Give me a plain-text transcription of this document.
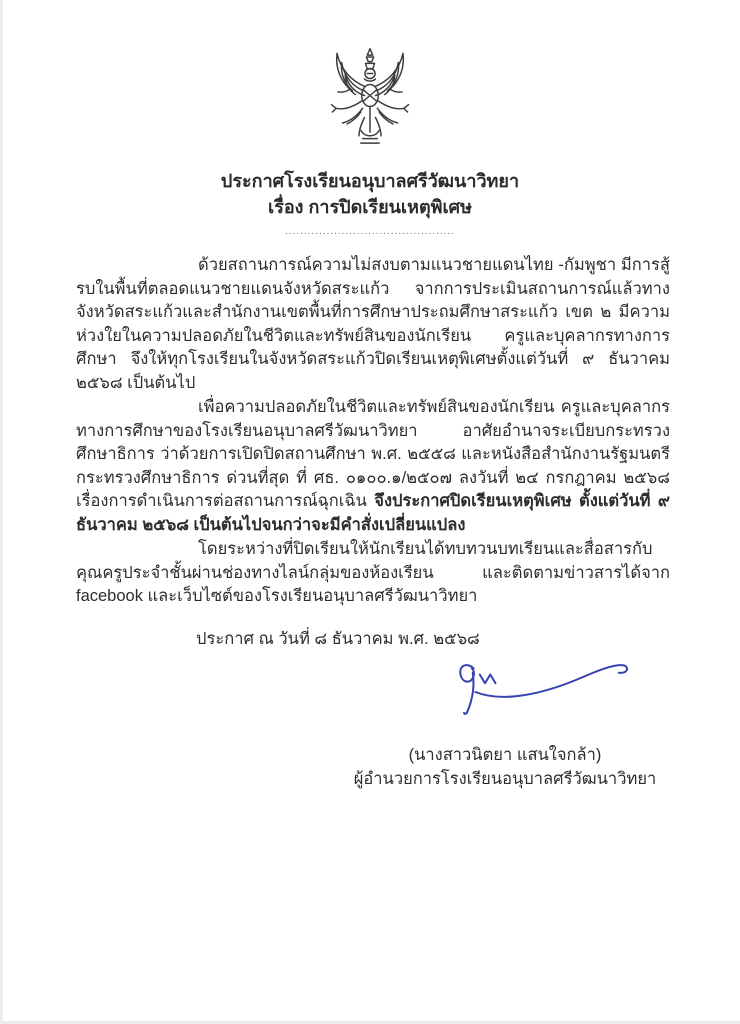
ประกาศโรงเรียนอนุบาลศรีวัฒนาวิทยา
เรื่อง การปิดเรียนเหตุพิเศษ
.............................................

ด้วยสถานการณ์ความไม่สงบตามแนวชายแดนไทย -กัมพูชา มีการสู้รบในพื้นที่ตลอดแนวชายแดนจังหวัดสระแก้ว จากการประเมินสถานการณ์แล้วทางจังหวัดสระแก้วและสำนักงานเขตพื้นที่การศึกษาประถมศึกษาสระแก้ว เขต ๒ มีความห่วงใยในความปลอดภัยในชีวิตและทรัพย์สินของนักเรียน ครูและบุคลากรทางการศึกษา จึงให้ทุกโรงเรียนในจังหวัดสระแก้วปิดเรียนเหตุพิเศษตั้งแต่วันที่ ๙ ธันวาคม ๒๕๖๘ เป็นต้นไป

เพื่อความปลอดภัยในชีวิตและทรัพย์สินของนักเรียน ครูและบุคลากรทางการศึกษาของโรงเรียนอนุบาลศรีวัฒนาวิทยา อาศัยอำนาจระเบียบกระทรวงศึกษาธิการ ว่าด้วยการเปิดปิดสถานศึกษา พ.ศ. ๒๕๕๘ และหนังสือสำนักงานรัฐมนตรี กระทรวงศึกษาธิการ ด่วนที่สุด ที่ ศธ. ๐๑๐๐.๑/๒๕๐๗ ลงวันที่ ๒๔ กรกฎาคม ๒๕๖๘ เรื่องการดำเนินการต่อสถานการณ์ฉุกเฉิน จึงประกาศปิดเรียนเหตุพิเศษ ตั้งแต่วันที่ ๙ ธันวาคม ๒๕๖๘ เป็นต้นไปจนกว่าจะมีคำสั่งเปลี่ยนแปลง

โดยระหว่างที่ปิดเรียนให้นักเรียนได้ทบทวนบทเรียนและสื่อสารกับคุณครูประจำชั้นผ่านช่องทางไลน์กลุ่มของห้องเรียน และติดตามข่าวสารได้จาก facebook และเว็บไซต์ของโรงเรียนอนุบาลศรีวัฒนาวิทยา

ประกาศ ณ วันที่ ๘ ธันวาคม พ.ศ. ๒๕๖๘
(นางสาวนิตยา แสนใจกล้า)
ผู้อำนวยการโรงเรียนอนุบาลศรีวัฒนาวิทยา
